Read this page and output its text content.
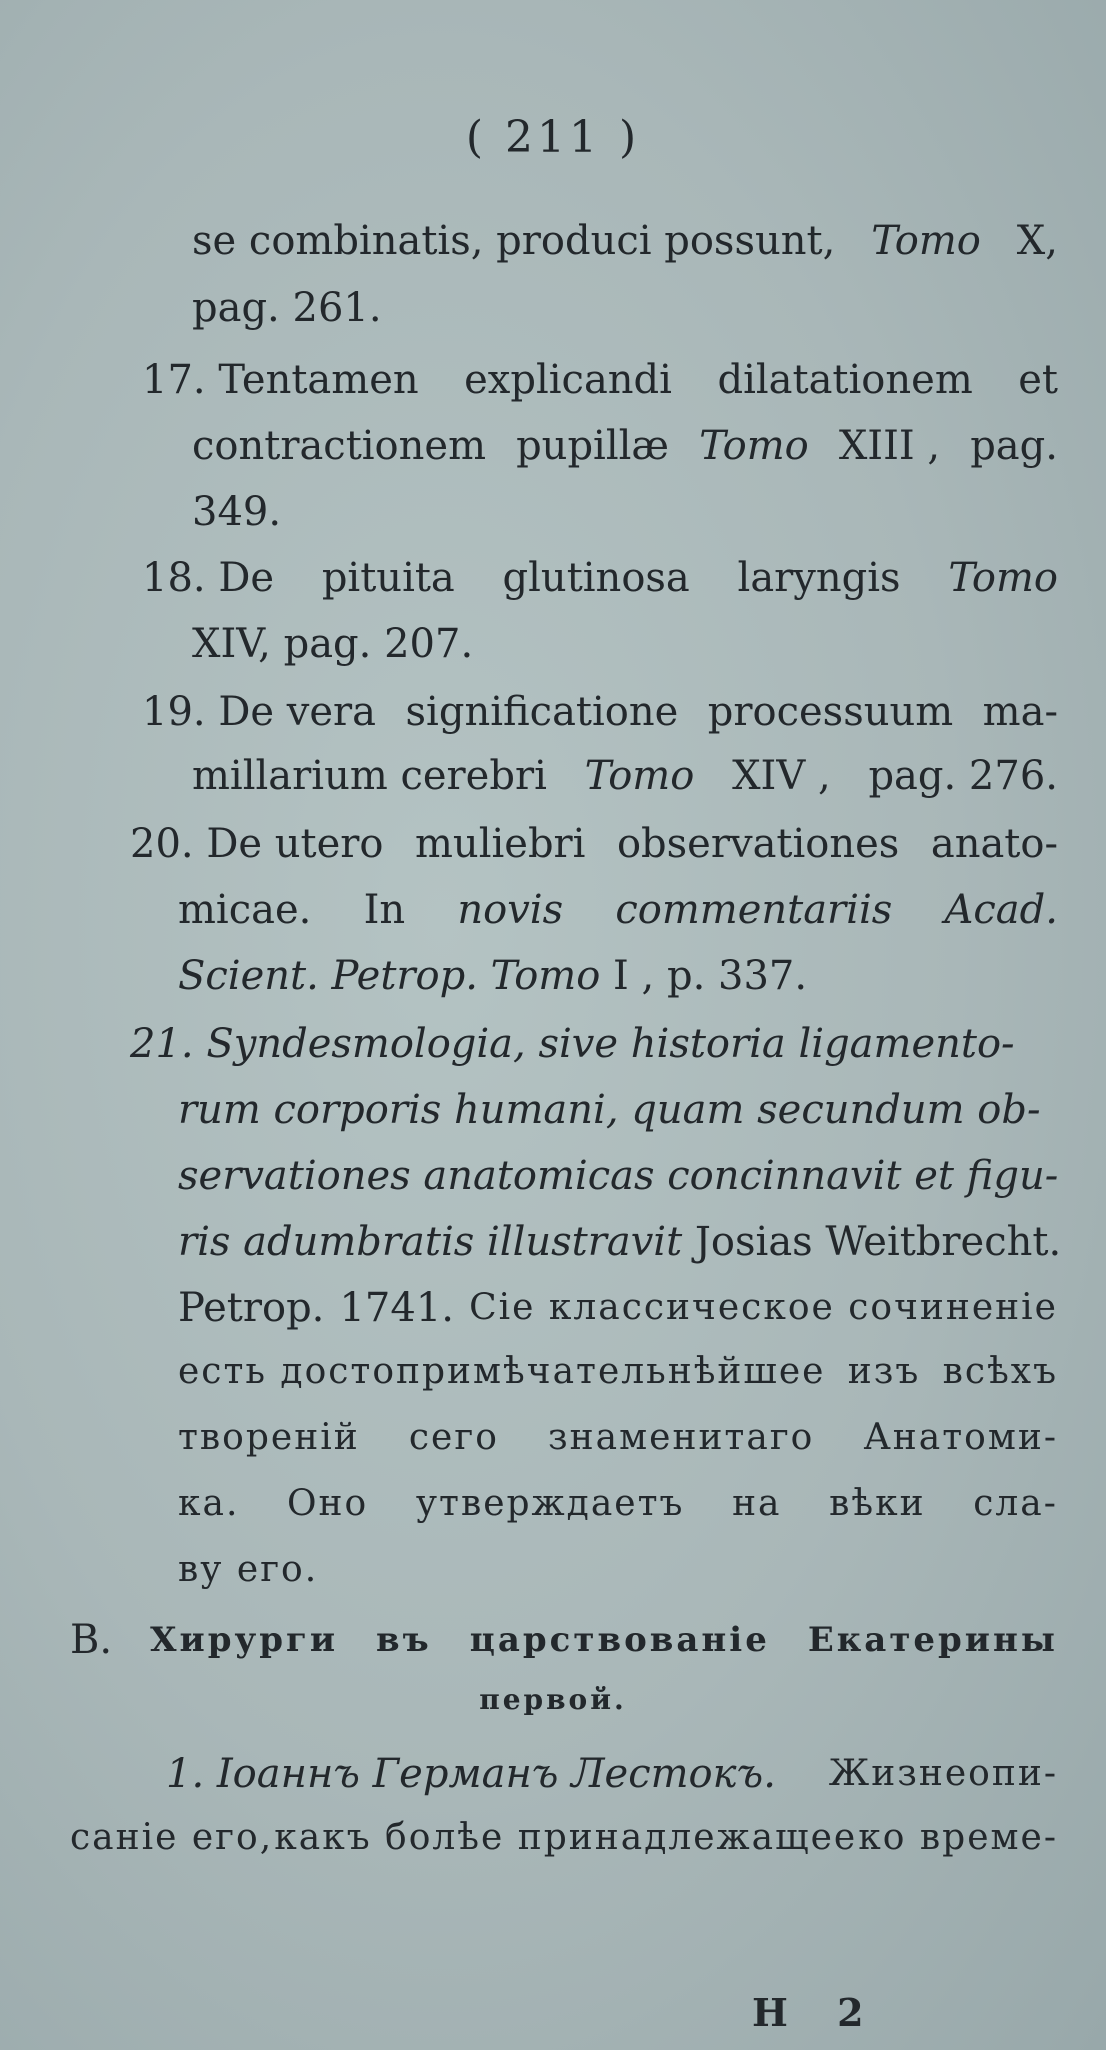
( 211 )
se combinatis, produci possunt, Tomo X,
pag. 261.
17. Tentamen explicandi dilatationem et
contractionem pupillæ Tomo XIII , pag.
349.
18. De pituita glutinosa laryngis Tomo
XIV, pag. 207.
19. De vera significatione processuum ma-
millarium cerebri Tomo XIV , pag. 276.
20. De utero muliebri observationes anato-
micae. In novis commentariis Acad.
Scient. Petrop. Tomo I , p. 337.
21. Syndesmologia, sive historia ligamento-
rum corporis humani, quam secundum ob-
servationes anatomicas concinnavit et figu-
ris adumbratis illustravit Josias Weitbrecht.
Petrop. 1741. Сіе классическое сочиненіе
есть достопримѣчательнѣйшее изъ всѣхъ
твореній сего знаменитаго Анатоми-
ка. Оно утверждаетъ на вѣки сла-
ву его.
В. Хирурги въ царствованіе Екатерины
первой.
1. Іоаннъ Германъ Лестокъ. Жизнеопи-
саніе его, какъ болѣе принадлежащее ко време-
Н 2
